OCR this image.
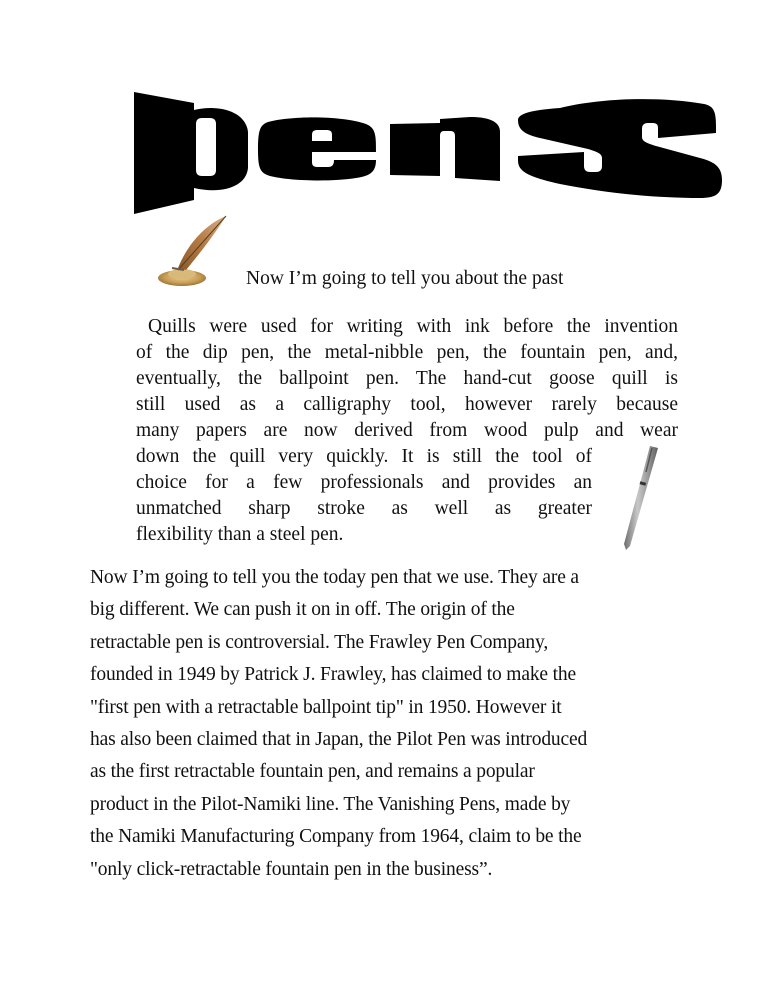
Now I’m going to tell you about the past

Quills were used for writing with ink before the invention
of the dip pen, the metal-nibble pen, the fountain pen, and,
eventually, the ballpoint pen. The hand-cut goose quill is
still used as a calligraphy tool, however rarely because
many papers are now derived from wood pulp and wear
down the quill very quickly. It is still the tool of
choice for a few professionals and provides an
unmatched sharp stroke as well as greater
flexibility than a steel pen.
Now I’m going to tell you the today pen that we use. They are a
big different. We can push it on in off. The origin of the
retractable pen is controversial. The Frawley Pen Company,
founded in 1949 by Patrick J. Frawley, has claimed to make the
"first pen with a retractable ballpoint tip" in 1950. However it
has also been claimed that in Japan, the Pilot Pen was introduced
as the first retractable fountain pen, and remains a popular
product in the Pilot-Namiki line. The Vanishing Pens, made by
the Namiki Manufacturing Company from 1964, claim to be the
"only click-retractable fountain pen in the business”.
